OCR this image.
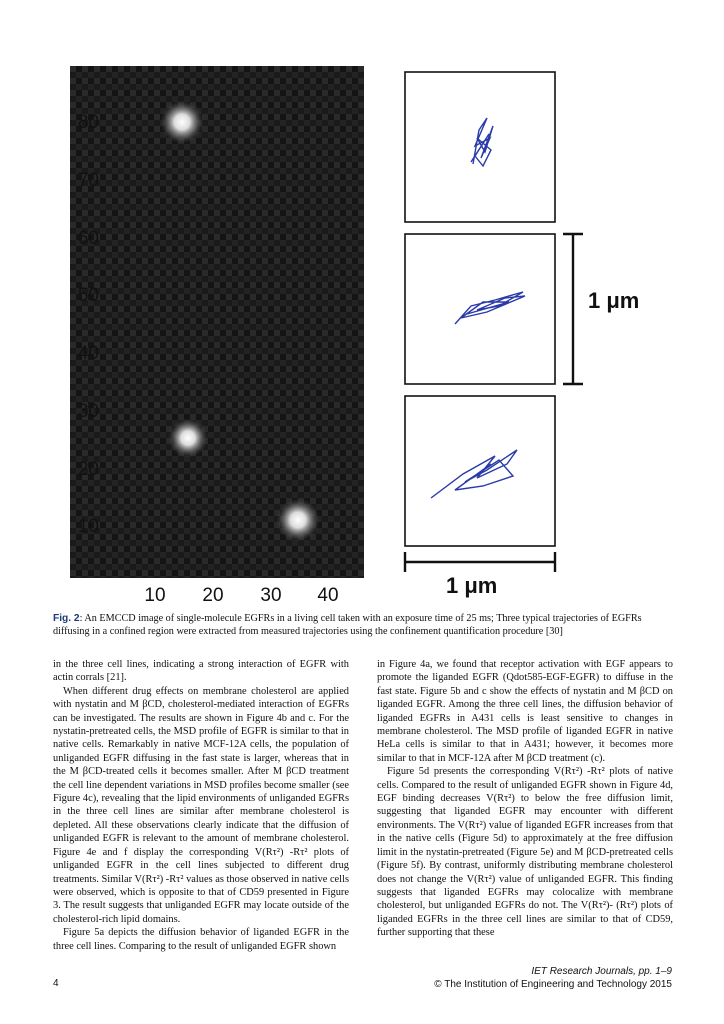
80
70
60
50
40
30
20
10
10	20	30	40
1 μm
1 μm
Fig. 2: An EMCCD image of single-molecule EGFRs in a living cell taken with an exposure time of 25 ms; Three typical trajectories of EGFRs diffusing in a confined region were extracted from measured trajectories using the confinement quantification procedure [30]

in the three cell lines, indicating a strong interaction of EGFR with actin corrals [21].

When different drug effects on membrane cholesterol are applied with nystatin and M βCD, cholesterol-mediated interaction of EGFRs can be investigated. The results are shown in Figure 4b and c. For the nystatin-pretreated cells, the MSD profile of EGFR is similar to that in native cells. Remarkably in native MCF-12A cells, the population of unliganded EGFR diffusing in the fast state is larger, whereas that in the M βCD-treated cells it becomes smaller. After M βCD treatment the cell line dependent variations in MSD profiles become smaller (see Figure 4c), revealing that the lipid environments of unliganded EGFRs in the three cell lines are similar after membrane cholesterol is depleted. All these observations clearly indicate that the diffusion of unliganded EGFR is relevant to the amount of membrane cholesterol. Figure 4e and f display the corresponding V(Rτ²) -Rτ² plots of unliganded EGFR in the cell lines subjected to different drug treatments. Similar V(Rτ²) -Rτ² values as those observed in native cells were observed, which is opposite to that of CD59 presented in Figure 3. The result suggests that unliganded EGFR may locate outside of the cholesterol-rich lipid domains.

Figure 5a depicts the diffusion behavior of liganded EGFR in the three cell lines. Comparing to the result of unliganded EGFR shown

in Figure 4a, we found that receptor activation with EGF appears to promote the liganded EGFR (Qdot585-EGF-EGFR) to diffuse in the fast state. Figure 5b and c show the effects of nystatin and M βCD on liganded EGFR. Among the three cell lines, the diffusion behavior of liganded EGFRs in A431 cells is least sensitive to changes in membrane cholesterol. The MSD profile of liganded EGFR in native HeLa cells is similar to that in A431; however, it becomes more similar to that in MCF-12A after M βCD treatment (c).

Figure 5d presents the corresponding V(Rτ²) -Rτ² plots of native cells. Compared to the result of unliganded EGFR shown in Figure 4d, EGF binding decreases V(Rτ²) to below the free diffusion limit, suggesting that liganded EGFR may encounter with different environments. The V(Rτ²) value of liganded EGFR increases from that in the native cells (Figure 5d) to approximately at the free diffusion limit in the nystatin-pretreated (Figure 5e) and M βCD-pretreated cells (Figure 5f). By contrast, uniformly distributing membrane cholesterol does not change the V(Rτ²) value of unliganded EGFR. This finding suggests that liganded EGFRs may colocalize with membrane cholesterol, but unliganded EGFRs do not. The V(Rτ²)- (Rτ²) plots of liganded EGFRs in the three cell lines are similar to that of CD59, further supporting that these

4
IET Research Journals, pp. 1–9
© The Institution of Engineering and Technology 2015
